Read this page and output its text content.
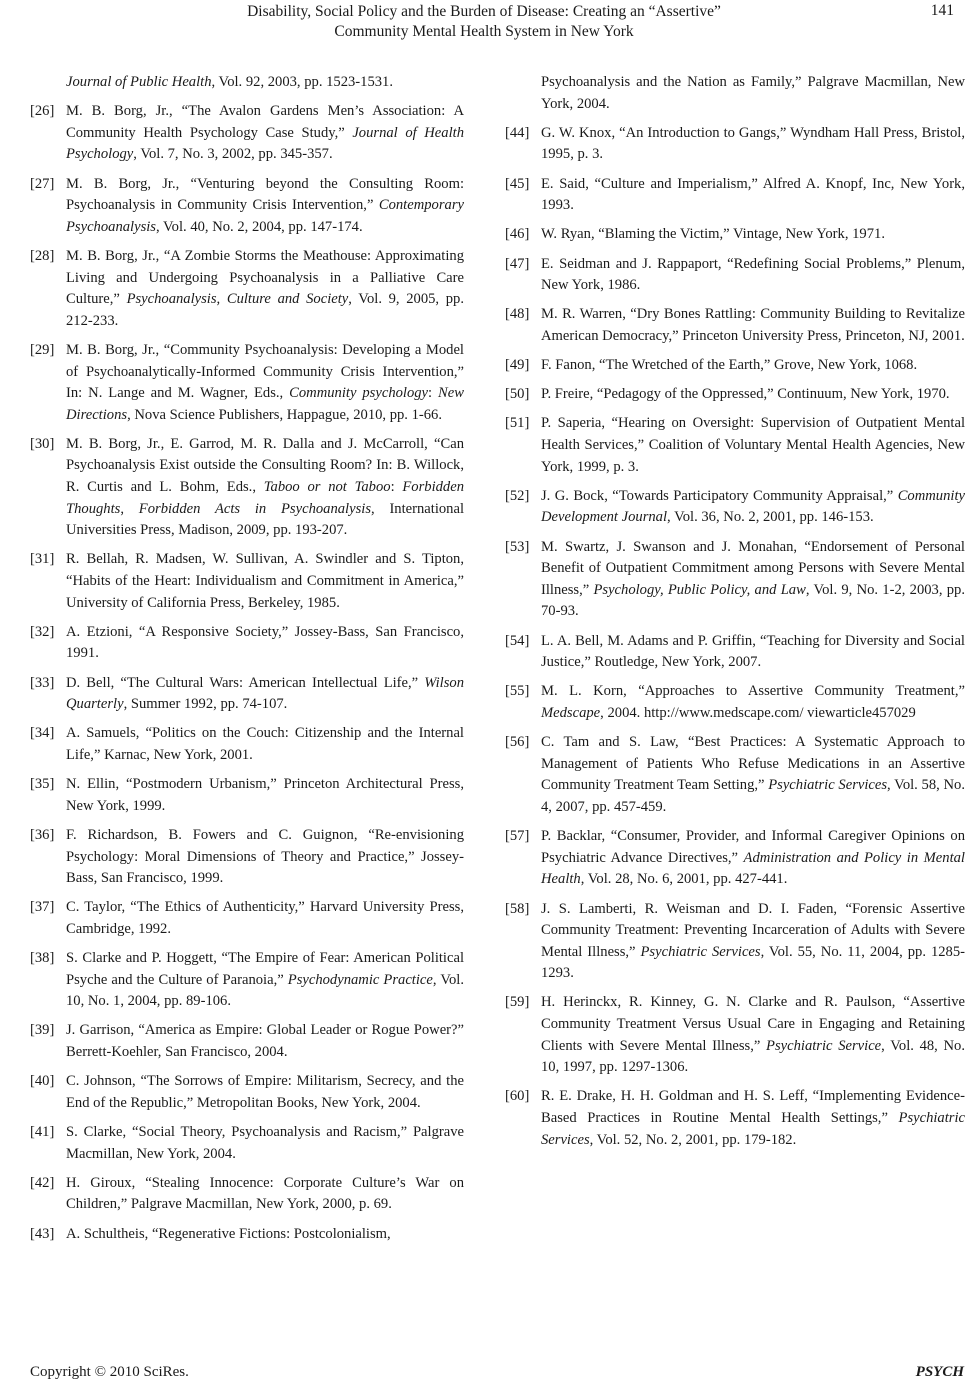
Disability, Social Policy and the Burden of Disease: Creating an “Assertive”
Community Mental Health System in New York
141
Journal of Public Health, Vol. 92, 2003, pp. 1523-1531.
[26] M. B. Borg, Jr., “The Avalon Gardens Men’s Association: A Community Health Psychology Case Study,” Journal of Health Psychology, Vol. 7, No. 3, 2002, pp. 345-357.
[27] M. B. Borg, Jr., “Venturing beyond the Consulting Room: Psychoanalysis in Community Crisis Intervention,” Contemporary Psychoanalysis, Vol. 40, No. 2, 2004, pp. 147-174.
[28] M. B. Borg, Jr., “A Zombie Storms the Meathouse: Approximating Living and Undergoing Psychoanalysis in a Palliative Care Culture,” Psychoanalysis, Culture and Society, Vol. 9, 2005, pp. 212-233.
[29] M. B. Borg, Jr., “Community Psychoanalysis: Developing a Model of Psychoanalytically-Informed Community Crisis Intervention,” In: N. Lange and M. Wagner, Eds., Community psychology: New Directions, Nova Science Publishers, Happague, 2010, pp. 1-66.
[30] M. B. Borg, Jr., E. Garrod, M. R. Dalla and J. McCarroll, “Can Psychoanalysis Exist outside the Consulting Room? In: B. Willock, R. Curtis and L. Bohm, Eds., Taboo or not Taboo: Forbidden Thoughts, Forbidden Acts in Psychoanalysis, International Universities Press, Madison, 2009, pp. 193-207.
[31] R. Bellah, R. Madsen, W. Sullivan, A. Swindler and S. Tipton, “Habits of the Heart: Individualism and Commitment in America,” University of California Press, Berkeley, 1985.
[32] A. Etzioni, “A Responsive Society,” Jossey-Bass, San Francisco, 1991.
[33] D. Bell, “The Cultural Wars: American Intellectual Life,” Wilson Quarterly, Summer 1992, pp. 74-107.
[34] A. Samuels, “Politics on the Couch: Citizenship and the Internal Life,” Karnac, New York, 2001.
[35] N. Ellin, “Postmodern Urbanism,” Princeton Architectural Press, New York, 1999.
[36] F. Richardson, B. Fowers and C. Guignon, “Re-envisioning Psychology: Moral Dimensions of Theory and Practice,” Jossey-Bass, San Francisco, 1999.
[37] C. Taylor, “The Ethics of Authenticity,” Harvard University Press, Cambridge, 1992.
[38] S. Clarke and P. Hoggett, “The Empire of Fear: American Political Psyche and the Culture of Paranoia,” Psychodynamic Practice, Vol. 10, No. 1, 2004, pp. 89-106.
[39] J. Garrison, “America as Empire: Global Leader or Rogue Power?” Berrett-Koehler, San Francisco, 2004.
[40] C. Johnson, “The Sorrows of Empire: Militarism, Secrecy, and the End of the Republic,” Metropolitan Books, New York, 2004.
[41] S. Clarke, “Social Theory, Psychoanalysis and Racism,” Palgrave Macmillan, New York, 2004.
[42] H. Giroux, “Stealing Innocence: Corporate Culture’s War on Children,” Palgrave Macmillan, New York, 2000, p. 69.
[43] A. Schultheis, “Regenerative Fictions: Postcolonialism,
Psychoanalysis and the Nation as Family,” Palgrave Macmillan, New York, 2004.
[44] G. W. Knox, “An Introduction to Gangs,” Wyndham Hall Press, Bristol, 1995, p. 3.
[45] E. Said, “Culture and Imperialism,” Alfred A. Knopf, Inc, New York, 1993.
[46] W. Ryan, “Blaming the Victim,” Vintage, New York, 1971.
[47] E. Seidman and J. Rappaport, “Redefining Social Problems,” Plenum, New York, 1986.
[48] M. R. Warren, “Dry Bones Rattling: Community Building to Revitalize American Democracy,” Princeton University Press, Princeton, NJ, 2001.
[49] F. Fanon, “The Wretched of the Earth,” Grove, New York, 1068.
[50] P. Freire, “Pedagogy of the Oppressed,” Continuum, New York, 1970.
[51] P. Saperia, “Hearing on Oversight: Supervision of Outpatient Mental Health Services,” Coalition of Voluntary Mental Health Agencies, New York, 1999, p. 3.
[52] J. G. Bock, “Towards Participatory Community Appraisal,” Community Development Journal, Vol. 36, No. 2, 2001, pp. 146-153.
[53] M. Swartz, J. Swanson and J. Monahan, “Endorsement of Personal Benefit of Outpatient Commitment among Persons with Severe Mental Illness,” Psychology, Public Policy, and Law, Vol. 9, No. 1-2, 2003, pp. 70-93.
[54] L. A. Bell, M. Adams and P. Griffin, “Teaching for Diversity and Social Justice,” Routledge, New York, 2007.
[55] M. L. Korn, “Approaches to Assertive Community Treatment,” Medscape, 2004. http://www.medscape.com/ viewarticle457029
[56] C. Tam and S. Law, “Best Practices: A Systematic Approach to Management of Patients Who Refuse Medications in an Assertive Community Treatment Team Setting,” Psychiatric Services, Vol. 58, No. 4, 2007, pp. 457-459.
[57] P. Backlar, “Consumer, Provider, and Informal Caregiver Opinions on Psychiatric Advance Directives,” Administration and Policy in Mental Health, Vol. 28, No. 6, 2001, pp. 427-441.
[58] J. S. Lamberti, R. Weisman and D. I. Faden, “Forensic Assertive Community Treatment: Preventing Incarceration of Adults with Severe Mental Illness,” Psychiatric Services, Vol. 55, No. 11, 2004, pp. 1285-1293.
[59] H. Herinckx, R. Kinney, G. N. Clarke and R. Paulson, “Assertive Community Treatment Versus Usual Care in Engaging and Retaining Clients with Severe Mental Illness,” Psychiatric Service, Vol. 48, No. 10, 1997, pp. 1297-1306.
[60] R. E. Drake, H. H. Goldman and H. S. Leff, “Implementing Evidence-Based Practices in Routine Mental Health Settings,” Psychiatric Services, Vol. 52, No. 2, 2001, pp. 179-182.
Copyright © 2010 SciRes.	PSYCH
